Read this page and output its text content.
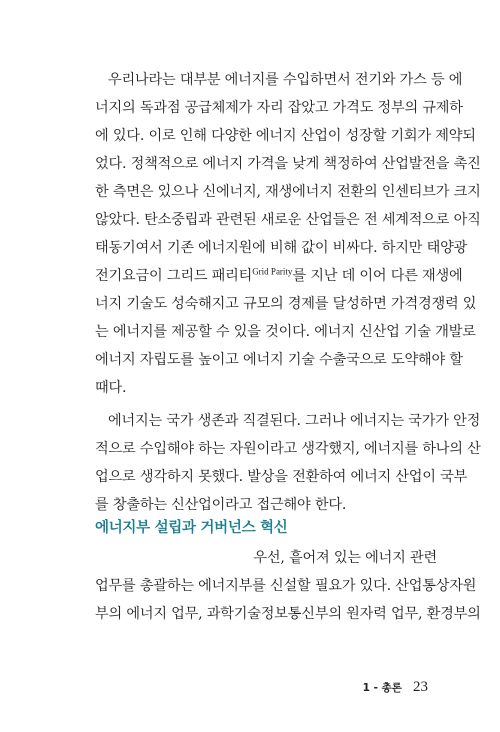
우리나라는 대부분 에너지를 수입하면서 전기와 가스 등 에
너지의 독과점 공급체제가 자리 잡았고 가격도 정부의 규제하
에 있다. 이로 인해 다양한 에너지 산업이 성장할 기회가 제약되
었다. 정책적으로 에너지 가격을 낮게 책정하여 산업발전을 촉진
한 측면은 있으나 신에너지, 재생에너지 전환의 인센티브가 크지
않았다. 탄소중립과 관련된 새로운 산업들은 전 세계적으로 아직
태동기여서 기존 에너지원에 비해 값이 비싸다. 하지만 태양광
전기요금이 그리드 패리티$^{Grid Parity}$를 지난 데 이어 다른 재생에
너지 기술도 성숙해지고 규모의 경제를 달성하면 가격경쟁력 있
는 에너지를 제공할 수 있을 것이다. 에너지 신산업 기술 개발로
에너지 자립도를 높이고 에너지 기술 수출국으로 도약해야 할
때다.
에너지는 국가 생존과 직결된다. 그러나 에너지는 국가가 안정
적으로 수입해야 하는 자원이라고 생각했지, 에너지를 하나의 산
업으로 생각하지 못했다. 발상을 전환하여 에너지 산업이 국부
를 창출하는 신산업이라고 접근해야 한다.
에너지부 설립과 거버넌스 혁신
우선, 흩어져 있는 에너지 관련
업무를 총괄하는 에너지부를 신설할 필요가 있다. 산업통상자원
부의 에너지 업무, 과학기술정보통신부의 원자력 업무, 환경부의
1 - 총론 23
